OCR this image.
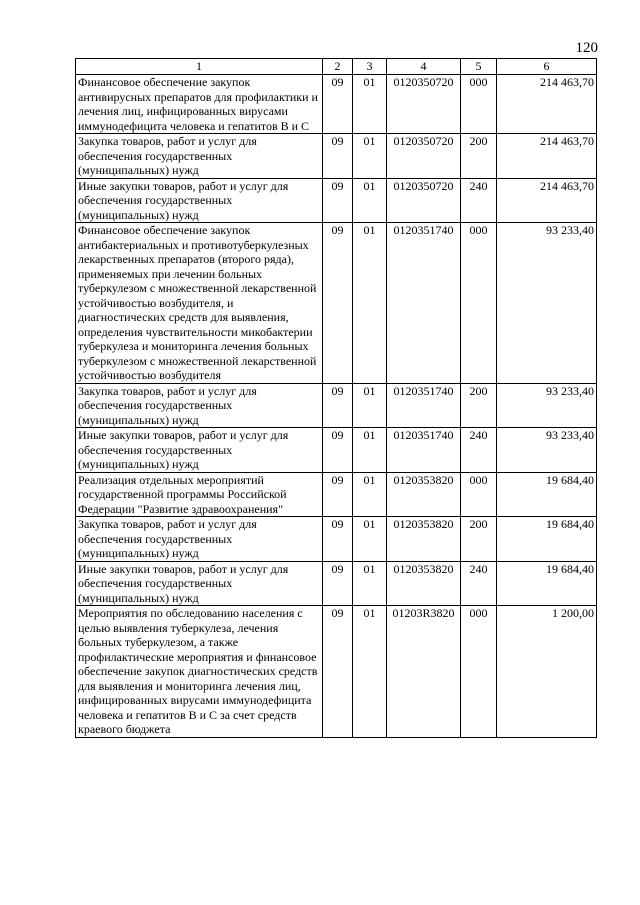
120
1	2	3	4	5	6
Финансовое обеспечение закупок антивирусных препаратов для профилактики и лечения лиц, инфицированных вирусами иммунодефицита человека и гепатитов В и С	09	01	0120350720	000	214 463,70
Закупка товаров, работ и услуг для обеспечения государственных (муниципальных) нужд	09	01	0120350720	200	214 463,70
Иные закупки товаров, работ и услуг для обеспечения государственных (муниципальных) нужд	09	01	0120350720	240	214 463,70
Финансовое обеспечение закупок антибактериальных и противотуберкулезных лекарственных препаратов (второго ряда), применяемых при лечении больных туберкулезом с множественной лекарственной устойчивостью возбудителя, и диагностических средств для выявления, определения чувствительности микобактерии туберкулеза и мониторинга лечения больных туберкулезом с множественной лекарственной устойчивостью возбудителя	09	01	0120351740	000	93 233,40
Закупка товаров, работ и услуг для обеспечения государственных (муниципальных) нужд	09	01	0120351740	200	93 233,40
Иные закупки товаров, работ и услуг для обеспечения государственных (муниципальных) нужд	09	01	0120351740	240	93 233,40
Реализация отдельных мероприятий государственной программы Российской Федерации "Развитие здравоохранения"	09	01	0120353820	000	19 684,40
Закупка товаров, работ и услуг для обеспечения государственных (муниципальных) нужд	09	01	0120353820	200	19 684,40
Иные закупки товаров, работ и услуг для обеспечения государственных (муниципальных) нужд	09	01	0120353820	240	19 684,40
Мероприятия по обследованию населения с целью выявления туберкулеза, лечения больных туберкулезом, а также профилактические мероприятия и финансовое обеспечение закупок диагностических средств для выявления и мониторинга лечения лиц, инфицированных вирусами иммунодефицита человека и гепатитов В и С за счет средств краевого бюджета	09	01	01203R3820	000	1 200,00
